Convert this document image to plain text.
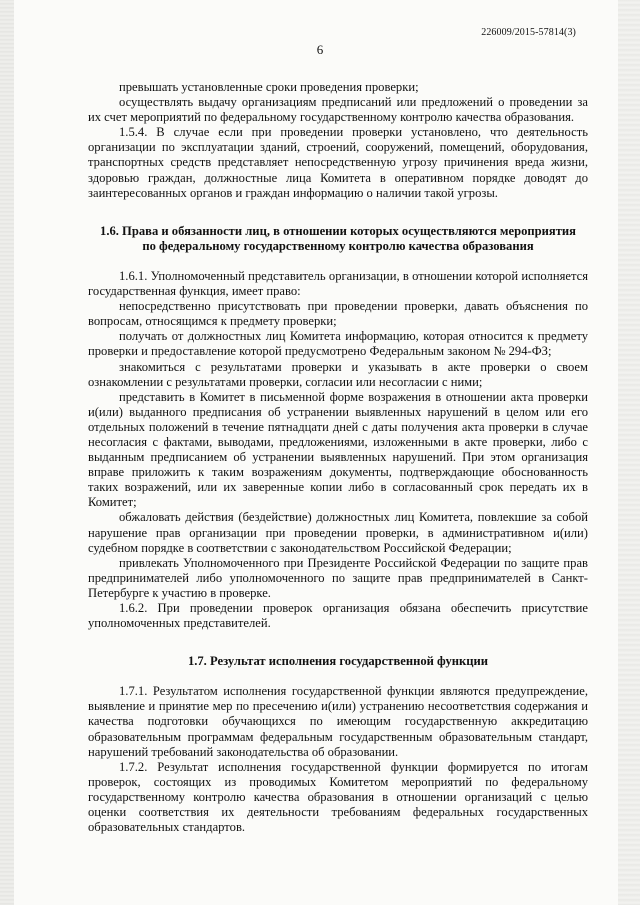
226009/2015-57814(3)
6

превышать установленные сроки проведения проверки;

осуществлять выдачу организациям предписаний или предложений о проведении за их счет мероприятий по федеральному государственному контролю качества образования.

1.5.4. В случае если при проведении проверки установлено, что деятельность организации по эксплуатации зданий, строений, сооружений, помещений, оборудования, транспортных средств представляет непосредственную угрозу причинения вреда жизни, здоровью граждан, должностные лица Комитета в оперативном порядке доводят до заинтересованных органов и граждан информацию о наличии такой угрозы.

1.6. Права и обязанности лиц, в отношении которых осуществляются мероприятия
по федеральному государственному контролю качества образования

1.6.1. Уполномоченный представитель организации, в отношении которой исполняется государственная функция, имеет право:

непосредственно присутствовать при проведении проверки, давать объяснения по вопросам, относящимся к предмету проверки;

получать от должностных лиц Комитета информацию, которая относится к предмету проверки и предоставление которой предусмотрено Федеральным законом № 294-ФЗ;

знакомиться с результатами проверки и указывать в акте проверки о своем ознакомлении с результатами проверки, согласии или несогласии с ними;

представить в Комитет в письменной форме возражения в отношении акта проверки и(или) выданного предписания об устранении выявленных нарушений в целом или его отдельных положений в течение пятнадцати дней с даты получения акта проверки в случае несогласия с фактами, выводами, предложениями, изложенными в акте проверки, либо с выданным предписанием об устранении выявленных нарушений. При этом организация вправе приложить к таким возражениям документы, подтверждающие обоснованность таких возражений, или их заверенные копии либо в согласованный срок передать их в Комитет;

обжаловать действия (бездействие) должностных лиц Комитета, повлекшие за собой нарушение прав организации при проведении проверки, в административном и(или) судебном порядке в соответствии с законодательством Российской Федерации;

привлекать Уполномоченного при Президенте Российской Федерации по защите прав предпринимателей либо уполномоченного по защите прав предпринимателей в Санкт-Петербурге к участию в проверке.

1.6.2. При проведении проверок организация обязана обеспечить присутствие уполномоченных представителей.

1.7. Результат исполнения государственной функции

1.7.1. Результатом исполнения государственной функции являются предупреждение, выявление и принятие мер по пресечению и(или) устранению несоответствия содержания и качества подготовки обучающихся по имеющим государственную аккредитацию образовательным программам федеральным государственным образовательным стандарт, нарушений требований законодательства об образовании.

1.7.2. Результат исполнения государственной функции формируется по итогам проверок, состоящих из проводимых Комитетом мероприятий по федеральному государственному контролю качества образования в отношении организаций с целью оценки соответствия их деятельности требованиям федеральных государственных образовательных стандартов.
